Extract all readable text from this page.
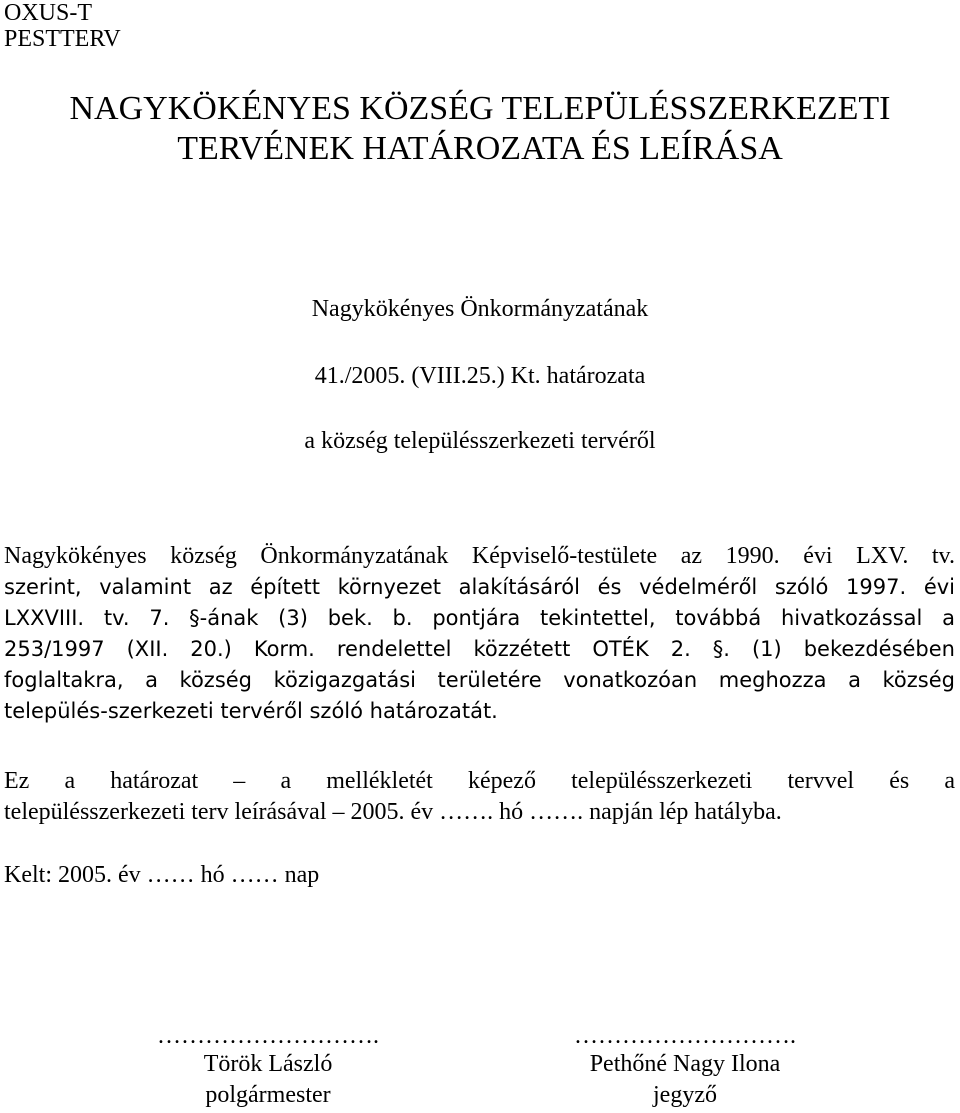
OXUS-T
PESTTERV
NAGYKÖKÉNYES KÖZSÉG TELEPÜLÉSSZERKEZETI
TERVÉNEK HATÁROZATA ÉS LEÍRÁSA
Nagykökényes Önkormányzatának
41./2005. (VIII.25.) Kt. határozata
a község településszerkezeti tervéről
Nagykökényes község Önkormányzatának Képviselő-testülete az 1990. évi LXV. tv.
szerint, valamint az épített környezet alakításáról és védelméről szóló 1997. évi
LXXVIII. tv. 7. §-ának (3) bek. b. pontjára tekintettel, továbbá hivatkozással a
253/1997 (XII. 20.) Korm. rendelettel közzétett OTÉK 2. §. (1) bekezdésében
foglaltakra, a község közigazgatási területére vonatkozóan meghozza a község
település-szerkezeti tervéről szóló határozatát.
Ez a határozat – a mellékletét képező településszerkezeti tervvel és a
településszerkezeti terv leírásával – 2005. év ……. hó ……. napján lép hatályba.
Kelt: 2005. év …… hó …… nap
……………………….
Török László
polgármester
……………………….
Pethőné Nagy Ilona
jegyző
